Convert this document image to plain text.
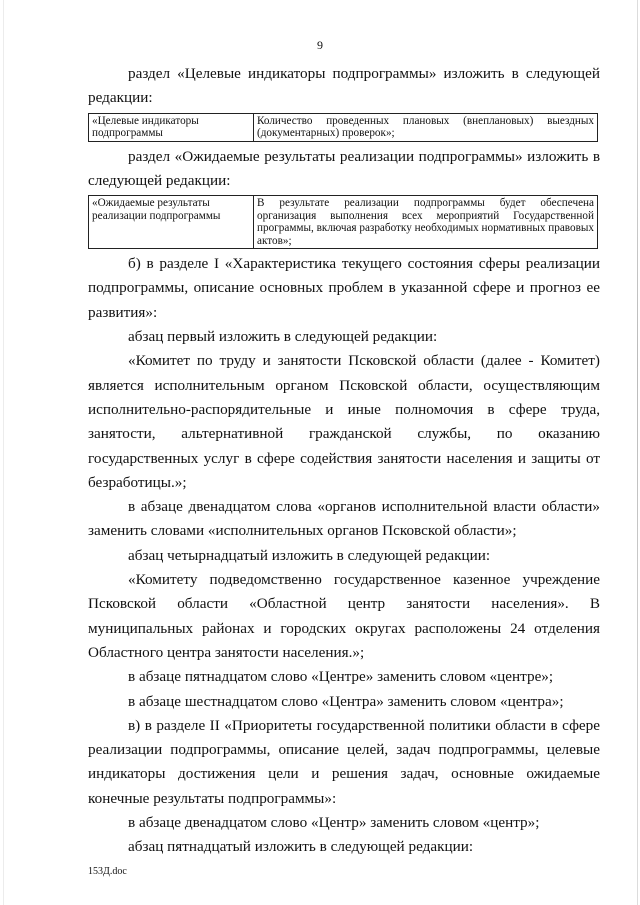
9

раздел «Целевые индикаторы подпрограммы» изложить в следующей редакции:

«Целевые индикаторы подпрограммы	Количество проведенных плановых (внеплановых) выездных (документарных) проверок»;

раздел «Ожидаемые результаты реализации подпрограммы» изложить в следующей редакции:

«Ожидаемые результаты реализации подпрограммы	В результате реализации подпрограммы будет обеспечена организация выполнения всех мероприятий Государственной программы, включая разработку необходимых нормативных правовых актов»;

б) в разделе I «Характеристика текущего состояния сферы реализации подпрограммы, описание основных проблем в указанной сфере и прогноз ее развития»:

абзац первый изложить в следующей редакции:

«Комитет по труду и занятости Псковской области (далее - Комитет) является исполнительным органом Псковской области, осуществляющим исполнительно-распорядительные и иные полномочия в сфере труда, занятости, альтернативной гражданской службы, по оказанию государственных услуг в сфере содействия занятости населения и защиты от безработицы.»;

в абзаце двенадцатом слова «органов исполнительной власти области» заменить словами «исполнительных органов Псковской области»;

абзац четырнадцатый изложить в следующей редакции:

«Комитету подведомственно государственное казенное учреждение Псковской области «Областной центр занятости населения». В муниципальных районах и городских округах расположены 24 отделения Областного центра занятости населения.»;

в абзаце пятнадцатом слово «Центре» заменить словом «центре»;

в абзаце шестнадцатом слово «Центра» заменить словом «центра»;

в) в разделе II «Приоритеты государственной политики области в сфере реализации подпрограммы, описание целей, задач подпрограммы, целевые индикаторы достижения цели и решения задач, основные ожидаемые конечные результаты подпрограммы»:

в абзаце двенадцатом слово «Центр» заменить словом «центр»;

абзац пятнадцатый изложить в следующей редакции:

153Д.doc
